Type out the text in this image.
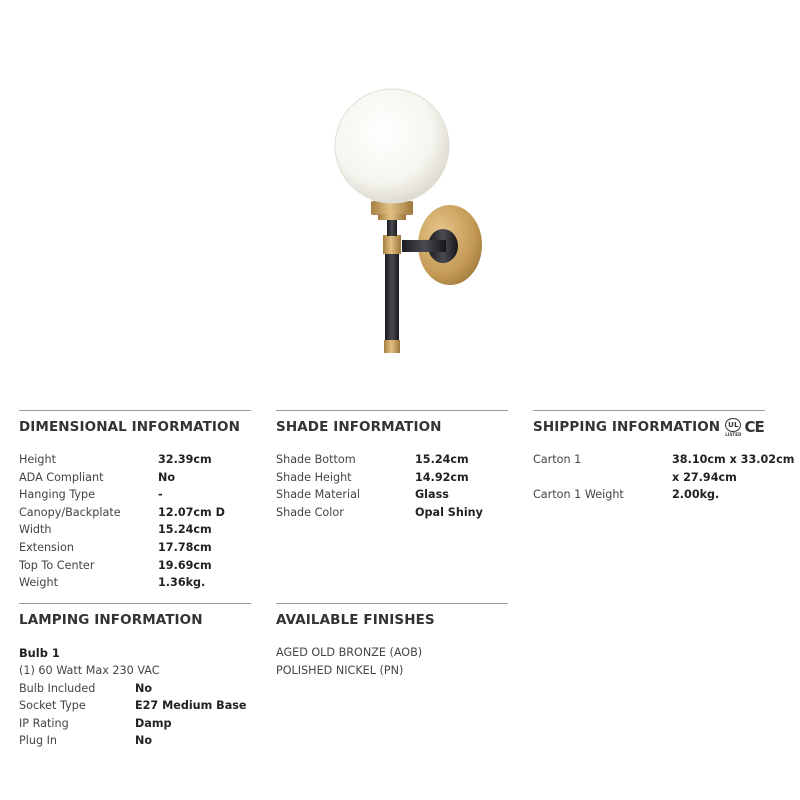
DIMENSIONAL INFORMATION
Height	32.39cm
ADA Compliant	No
Hanging Type	-
Canopy/Backplate	12.07cm D
Width	15.24cm
Extension	17.78cm
Top To Center	19.69cm
Weight	1.36kg.
SHADE INFORMATION
Shade Bottom	15.24cm
Shade Height	14.92cm
Shade Material	Glass
Shade Color	Opal Shiny
SHIPPING INFORMATION	UL
LISTED CE
Carton 1	38.10cm x 33.02cm
x 27.94cm
Carton 1 Weight	2.00kg.
LAMPING INFORMATION
Bulb 1
(1) 60 Watt Max 230 VAC
Bulb Included	No
Socket Type	E27 Medium Base
IP Rating	Damp
Plug In	No
AVAILABLE FINISHES
AGED OLD BRONZE (AOB)
POLISHED NICKEL (PN)
